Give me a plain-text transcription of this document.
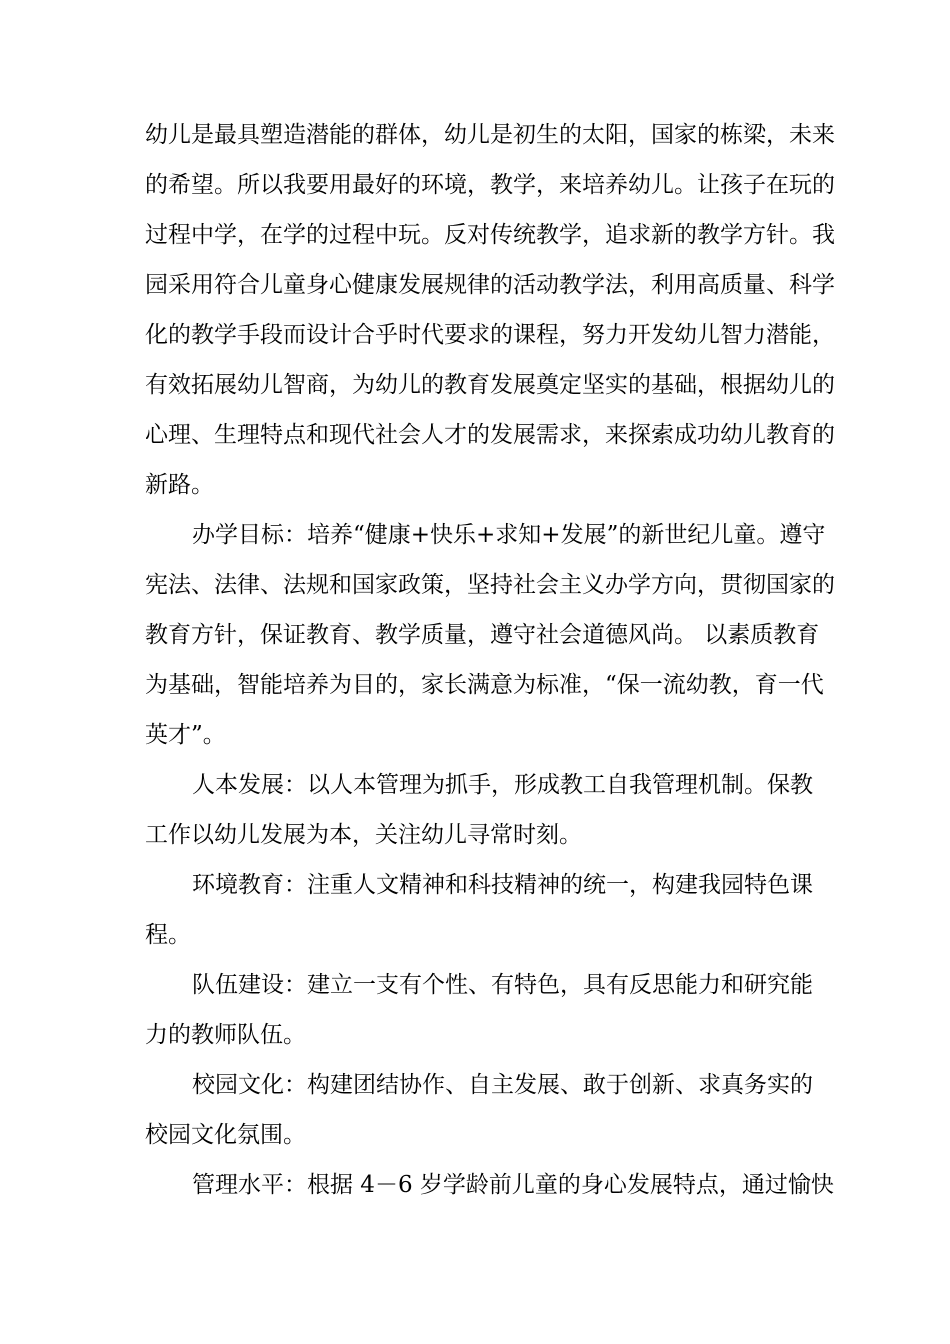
幼儿是最具塑造潜能的群体，幼儿是初生的太阳，国家的栋梁，未来
的希望。所以我要用最好的环境，教学，来培养幼儿。让孩子在玩的
过程中学，在学的过程中玩。反对传统教学，追求新的教学方针。我
园采用符合儿童身心健康发展规律的活动教学法，利用高质量、科学
化的教学手段而设计合乎时代要求的课程，努力开发幼儿智力潜能，
有效拓展幼儿智商，为幼儿的教育发展奠定坚实的基础，根据幼儿的
心理、生理特点和现代社会人才的发展需求，来探索成功幼儿教育的
新路。
办学目标：培养“健康+快乐+求知+发展”的新世纪儿童。遵守
宪法、法律、法规和国家政策，坚持社会主义办学方向，贯彻国家的
教育方针，保证教育、教学质量，遵守社会道德风尚。 以素质教育
为基础，智能培养为目的，家长满意为标准，“保一流幼教，育一代
英才”。
人本发展：以人本管理为抓手，形成教工自我管理机制。保教
工作以幼儿发展为本，关注幼儿寻常时刻。
环境教育：注重人文精神和科技精神的统一，构建我园特色课
程。
队伍建设：建立一支有个性、有特色，具有反思能力和研究能
力的教师队伍。
校园文化：构建团结协作、自主发展、敢于创新、求真务实的
校园文化氛围。
管理水平：根据 4－6 岁学龄前儿童的身心发展特点，通过愉快
